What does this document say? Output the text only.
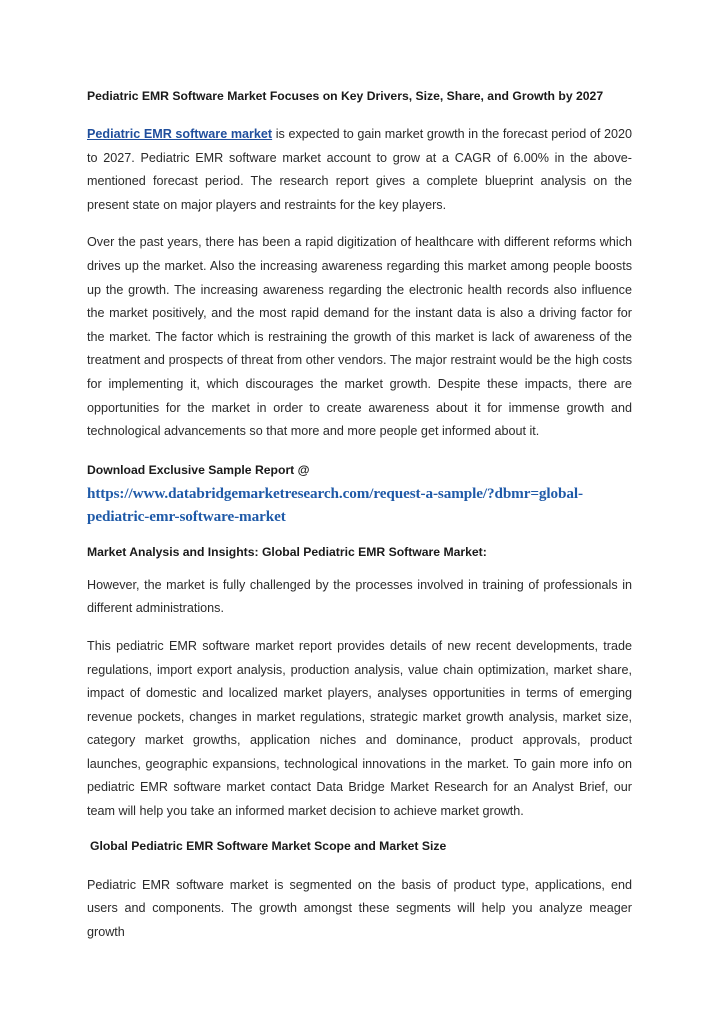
Pediatric EMR Software Market Focuses on Key Drivers, Size, Share, and Growth by 2027

Pediatric EMR software market is expected to gain market growth in the forecast period of 2020 to 2027. Pediatric EMR software market account to grow at a CAGR of 6.00% in the above-mentioned forecast period. The research report gives a complete blueprint analysis on the present state on major players and restraints for the key players.

Over the past years, there has been a rapid digitization of healthcare with different reforms which drives up the market. Also the increasing awareness regarding this market among people boosts up the growth. The increasing awareness regarding the electronic health records also influence the market positively, and the most rapid demand for the instant data is also a driving factor for the market. The factor which is restraining the growth of this market is lack of awareness of the treatment and prospects of threat from other vendors. The major restraint would be the high costs for implementing it, which discourages the market growth. Despite these impacts, there are opportunities for the market in order to create awareness about it for immense growth and technological advancements so that more and more people get informed about it.

Download Exclusive Sample Report @ https://www.databridgemarketresearch.com/request-a-sample/?dbmr=global-pediatric-emr-software-market
Market Analysis and Insights: Global Pediatric EMR Software Market:

However, the market is fully challenged by the processes involved in training of professionals in different administrations.

This pediatric EMR software market report provides details of new recent developments, trade regulations, import export analysis, production analysis, value chain optimization, market share, impact of domestic and localized market players, analyses opportunities in terms of emerging revenue pockets, changes in market regulations, strategic market growth analysis, market size, category market growths, application niches and dominance, product approvals, product launches, geographic expansions, technological innovations in the market. To gain more info on pediatric EMR software market contact Data Bridge Market Research for an Analyst Brief, our team will help you take an informed market decision to achieve market growth.

Global Pediatric EMR Software Market Scope and Market Size

Pediatric EMR software market is segmented on the basis of product type, applications, end users and components. The growth amongst these segments will help you analyze meager growth
